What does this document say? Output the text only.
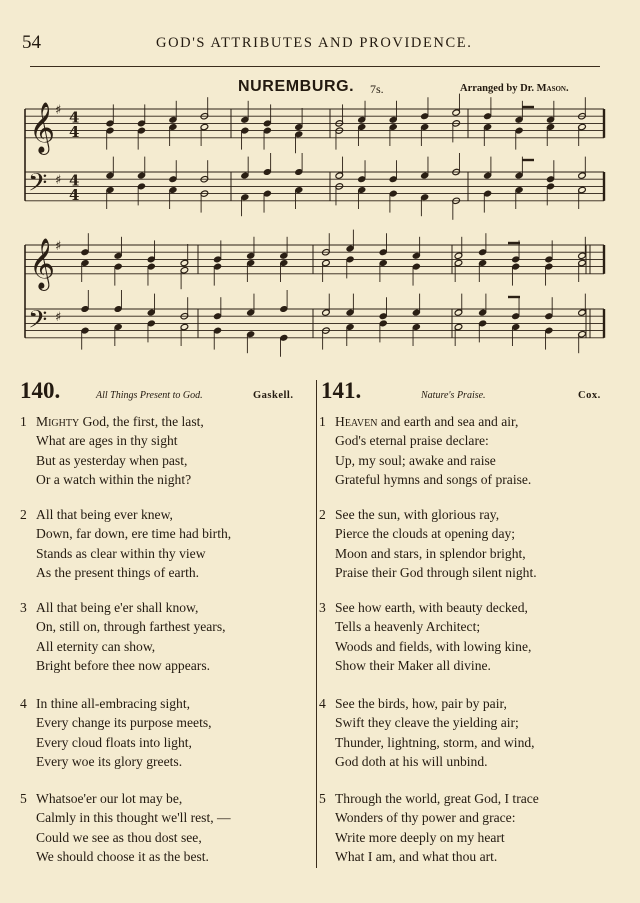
54	GOD'S ATTRIBUTES AND PROVIDENCE.
NUREMBURG. 7s.	Arranged by Dr. Mason.
𝄞
𝄢
♯
♯
4
4
4
4
𝄞
𝄢
♯
♯
140.	All Things Present to God.	Gaskell. 141.	Nature's Praise.	Cox.
1 Mighty God, the first, the last,
What are ages in thy sight
But as yesterday when past,
Or a watch within the night?
2 All that being ever knew,
Down, far down, ere time had birth,
Stands as clear within thy view
As the present things of earth.
3 All that being e'er shall know,
On, still on, through farthest years,
All eternity can show,
Bright before thee now appears.
4 In thine all-embracing sight,
Every change its purpose meets,
Every cloud floats into light,
Every woe its glory greets.
5 Whatsoe'er our lot may be,
Calmly in this thought we'll rest, —
Could we see as thou dost see,
We should choose it as the best.
1 Heaven and earth and sea and air,
God's eternal praise declare:
Up, my soul; awake and raise
Grateful hymns and songs of praise.
2 See the sun, with glorious ray,
Pierce the clouds at opening day;
Moon and stars, in splendor bright,
Praise their God through silent night.
3 See how earth, with beauty decked,
Tells a heavenly Architect;
Woods and fields, with lowing kine,
Show their Maker all divine.
4 See the birds, how, pair by pair,
Swift they cleave the yielding air;
Thunder, lightning, storm, and wind,
God doth at his will unbind.
5 Through the world, great God, I trace
Wonders of thy power and grace:
Write more deeply on my heart
What I am, and what thou art.
